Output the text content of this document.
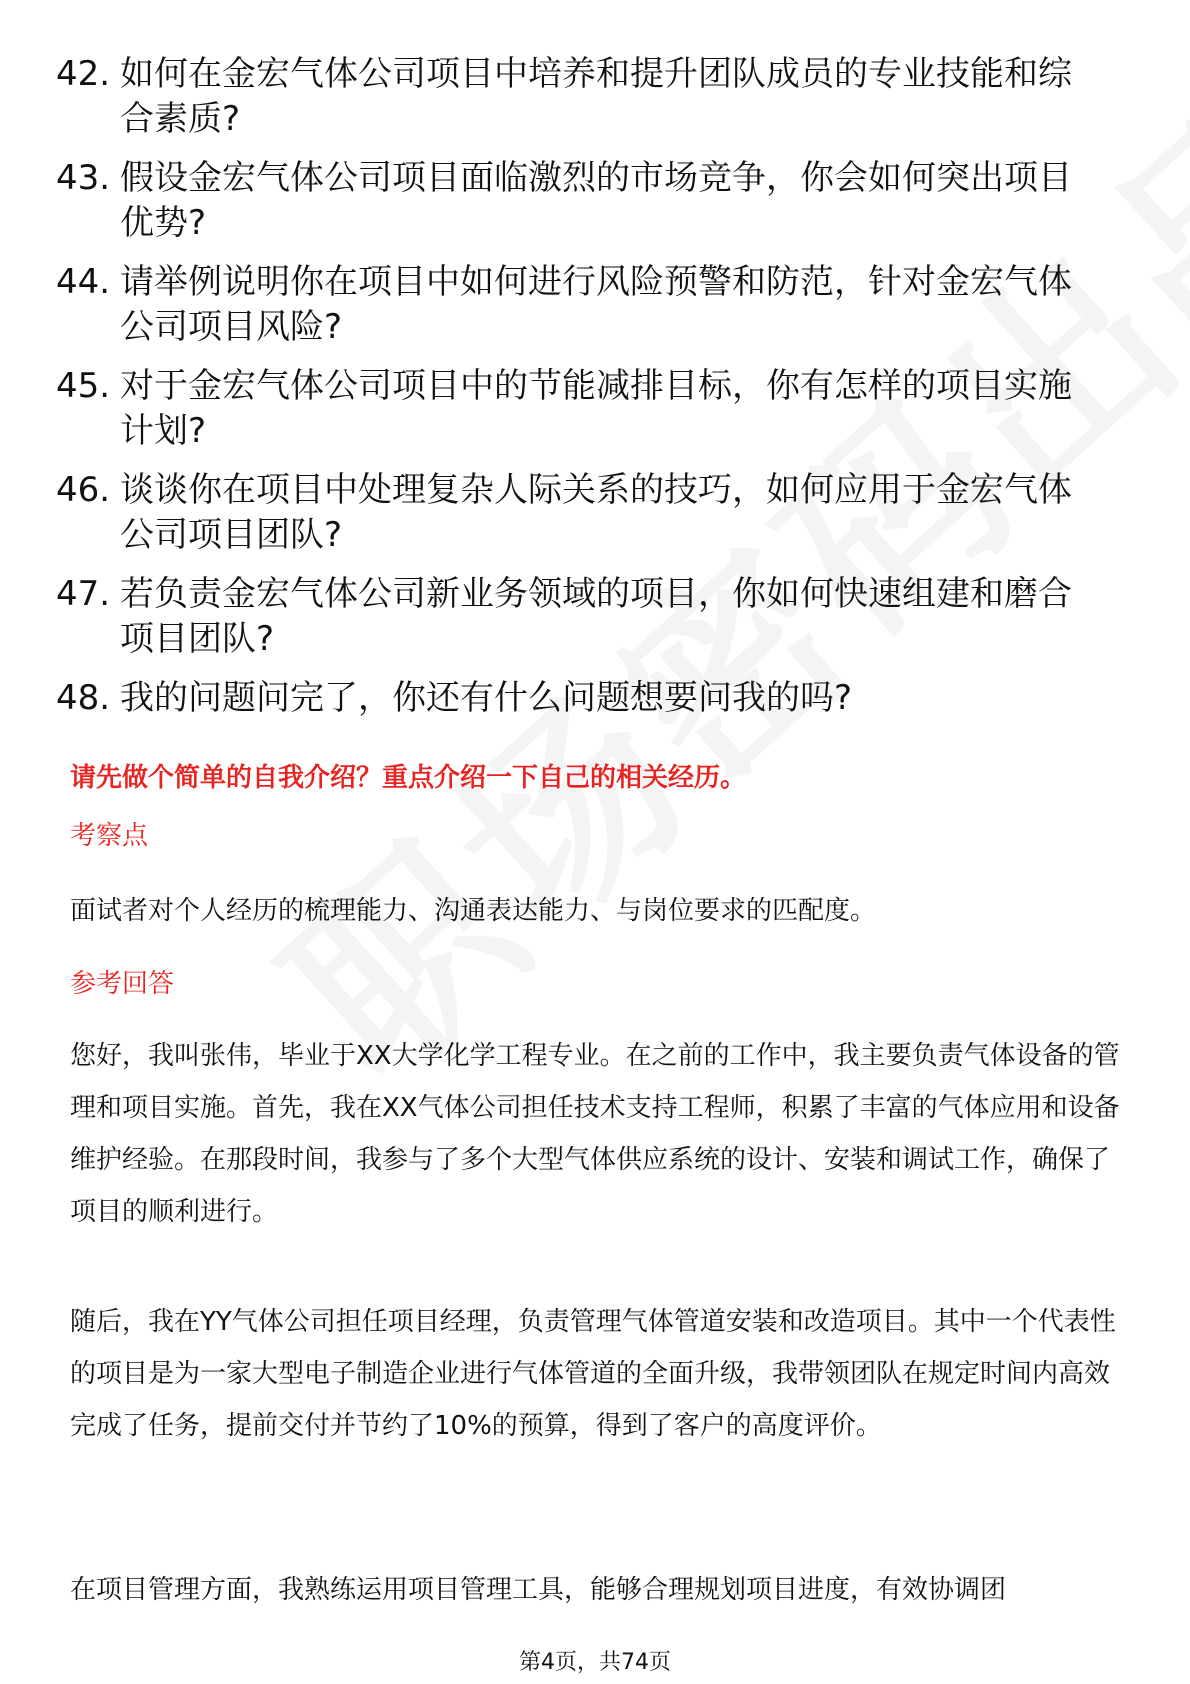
42. 如何在金宏气体公司项目中培养和提升团队成员的专业技能和综合素质?
43. 假设金宏气体公司项目面临激烈的市场竞争，你会如何突出项目优势?
44. 请举例说明你在项目中如何进行风险预警和防范，针对金宏气体公司项目风险?
45. 对于金宏气体公司项目中的节能减排目标，你有怎样的项目实施计划?
46. 谈谈你在项目中处理复杂人际关系的技巧，如何应用于金宏气体公司项目团队?
47. 若负责金宏气体公司新业务领域的项目，你如何快速组建和磨合项目团队?
48. 我的问题问完了，你还有什么问题想要问我的吗?
请先做个简单的自我介绍？重点介绍一下自己的相关经历。
考察点
面试者对个人经历的梳理能力、沟通表达能力、与岗位要求的匹配度。
参考回答
您好，我叫张伟，毕业于XX大学化学工程专业。在之前的工作中，我主要负责气体设备的管理和项目实施。首先，我在XX气体公司担任技术支持工程师，积累了丰富的气体应用和设备维护经验。在那段时间，我参与了多个大型气体供应系统的设计、安装和调试工作，确保了项目的顺利进行。
随后，我在YY气体公司担任项目经理，负责管理气体管道安装和改造项目。其中一个代表性的项目是为一家大型电子制造企业进行气体管道的全面升级，我带领团队在规定时间内高效完成了任务，提前交付并节约了10%的预算，得到了客户的高度评价。
在项目管理方面，我熟练运用项目管理工具，能够合理规划项目进度，有效协调团
第4页，共74页
